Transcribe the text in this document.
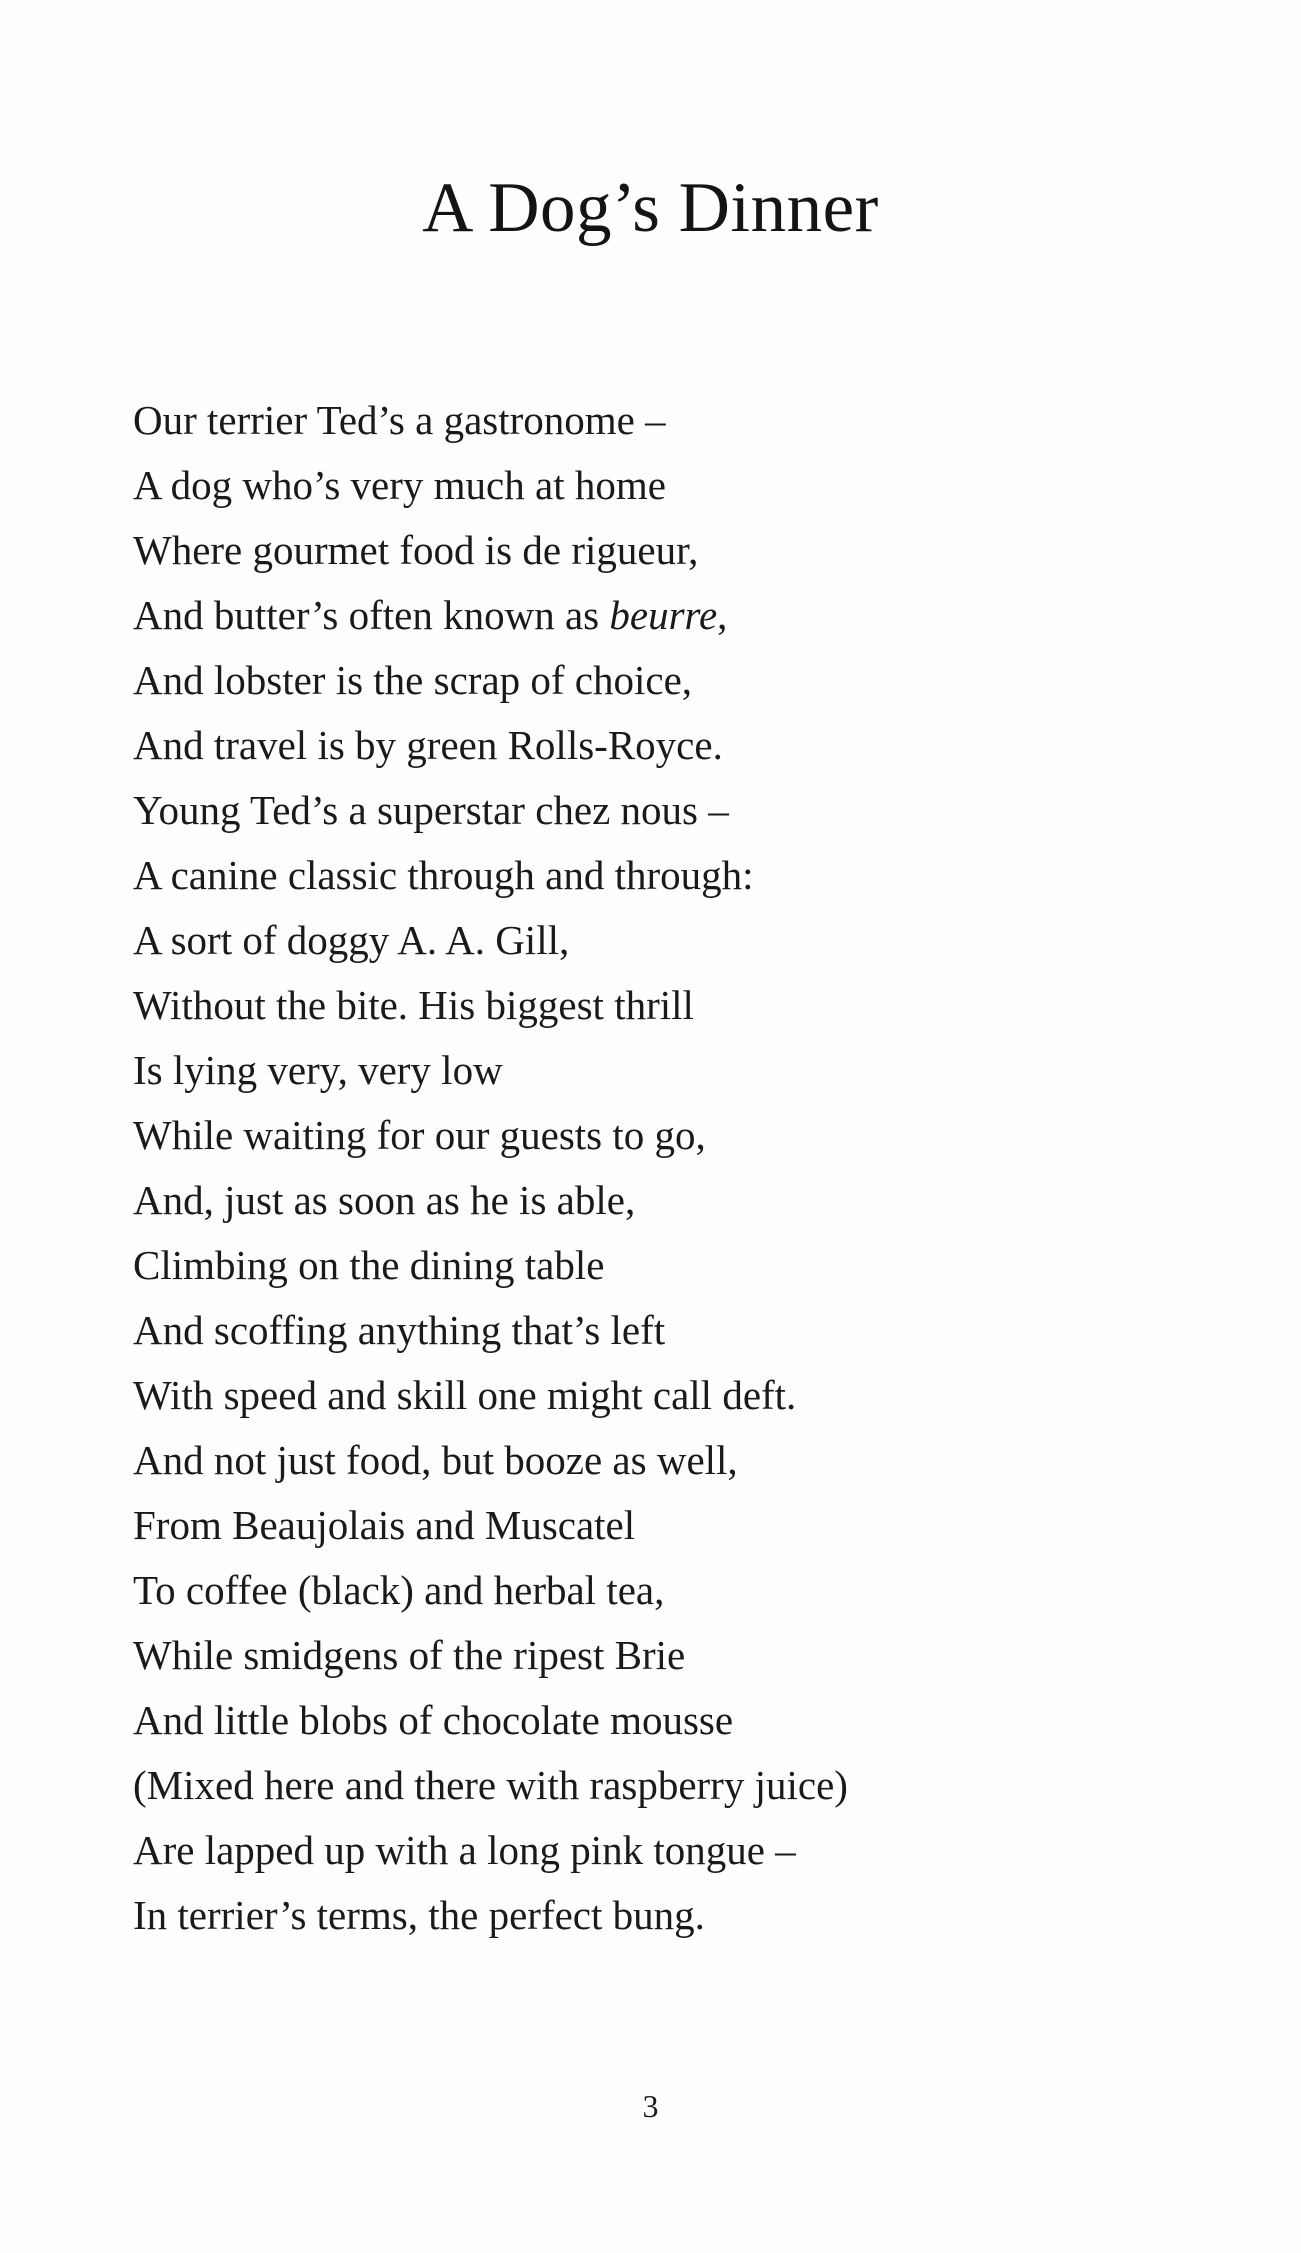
A Dog’s Dinner
Our terrier Ted’s a gastronome –
A dog who’s very much at home
Where gourmet food is de rigueur,
And butter’s often known as beurre,
And lobster is the scrap of choice,
And travel is by green Rolls-Royce.
Young Ted’s a superstar chez nous –
A canine classic through and through:
A sort of doggy A. A. Gill,
Without the bite. His biggest thrill
Is lying very, very low
While waiting for our guests to go,
And, just as soon as he is able,
Climbing on the dining table
And scoffing anything that’s left
With speed and skill one might call deft.
And not just food, but booze as well,
From Beaujolais and Muscatel
To coffee (black) and herbal tea,
While smidgens of the ripest Brie
And little blobs of chocolate mousse
(Mixed here and there with raspberry juice)
Are lapped up with a long pink tongue –
In terrier’s terms, the perfect bung.
3
